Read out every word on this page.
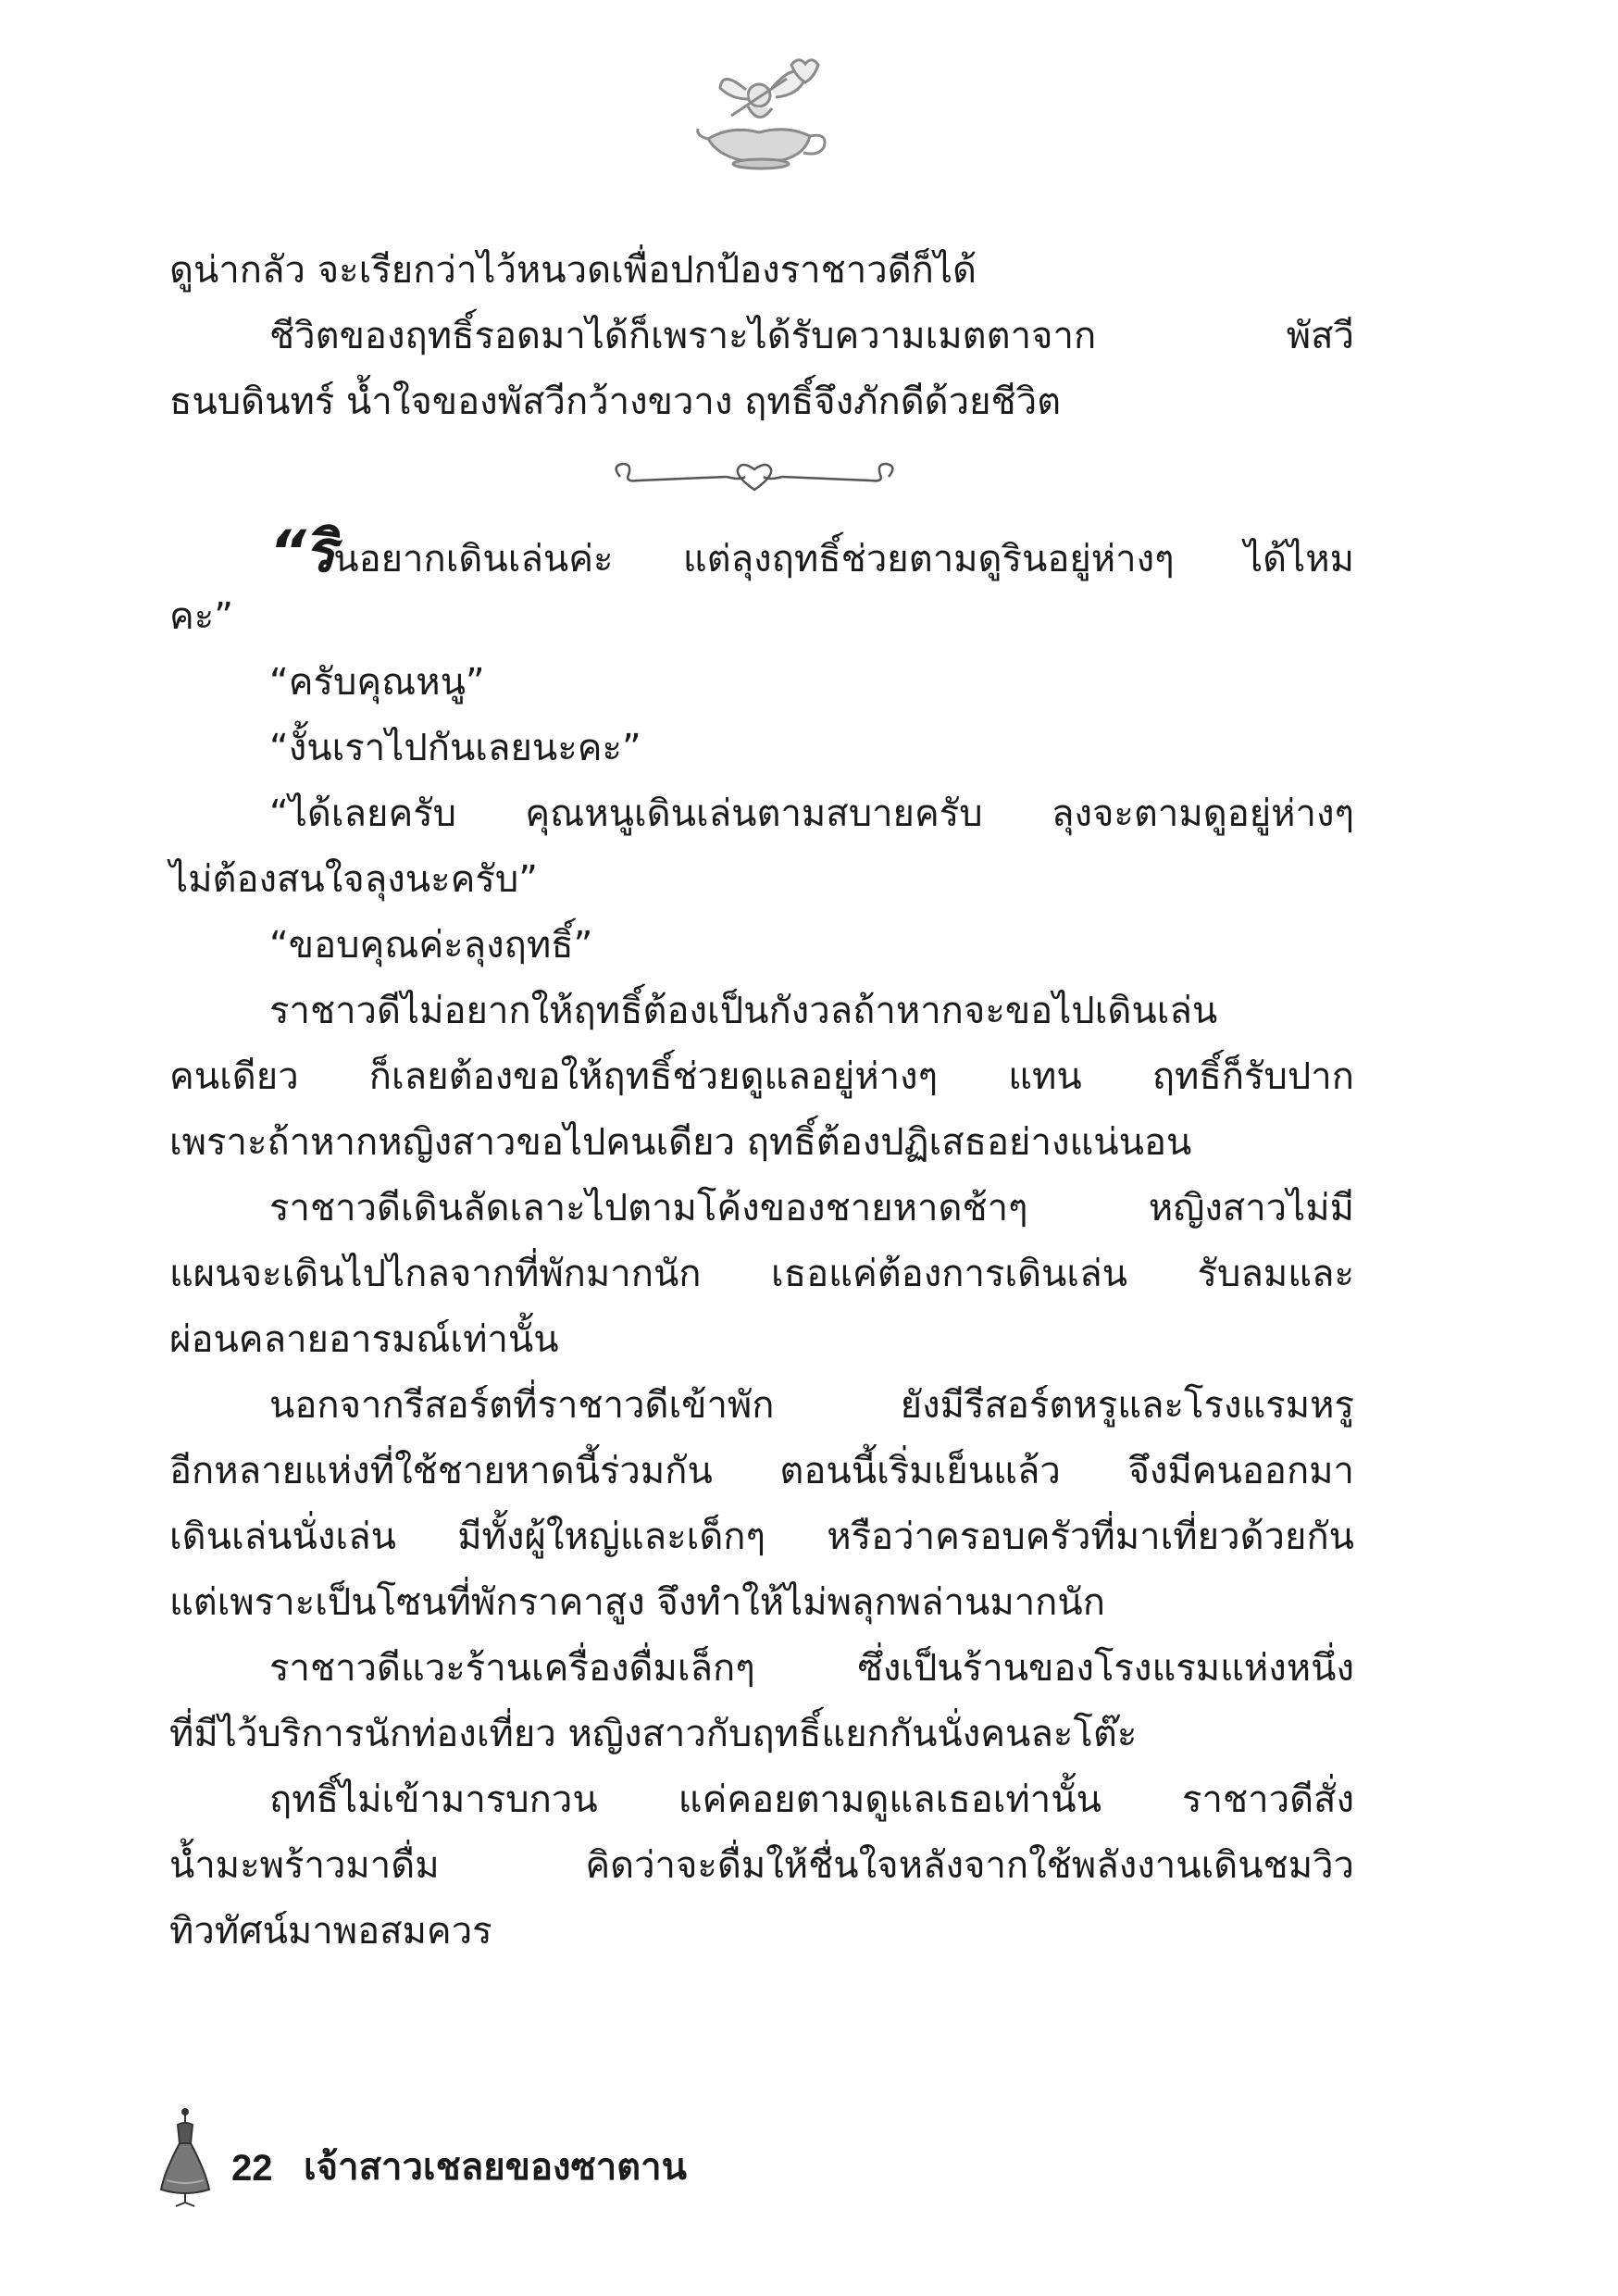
ดูน่ากลัว จะเรียกว่าไว้หนวดเพื่อปกป้องราชาวดีก็ได้
ชีวิตของฤทธิ์รอดมาได้ก็เพราะได้รับความเมตตาจาก พัสวี
ธนบดินทร์ น้ำใจของพัสวีกว้างขวาง ฤทธิ์จึงภักดีด้วยชีวิต
“รินอยากเดินเล่นค่ะ แต่ลุงฤทธิ์ช่วยตามดูรินอยู่ห่างๆ ได้ไหม
คะ”
“ครับคุณหนู”
“งั้นเราไปกันเลยนะคะ”
“ได้เลยครับ คุณหนูเดินเล่นตามสบายครับ ลุงจะตามดูอยู่ห่างๆ
ไม่ต้องสนใจลุงนะครับ”
“ขอบคุณค่ะลุงฤทธิ์”
ราชาวดีไม่อยากให้ฤทธิ์ต้องเป็นกังวลถ้าหากจะขอไปเดินเล่น
คนเดียว ก็เลยต้องขอให้ฤทธิ์ช่วยดูแลอยู่ห่างๆ แทน ฤทธิ์ก็รับปาก
เพราะถ้าหากหญิงสาวขอไปคนเดียว ฤทธิ์ต้องปฏิเสธอย่างแน่นอน
ราชาวดีเดินลัดเลาะไปตามโค้งของชายหาดช้าๆ หญิงสาวไม่มี
แผนจะเดินไปไกลจากที่พักมากนัก เธอแค่ต้องการเดินเล่น รับลมและ
ผ่อนคลายอารมณ์เท่านั้น
นอกจากรีสอร์ตที่ราชาวดีเข้าพัก ยังมีรีสอร์ตหรูและโรงแรมหรู
อีกหลายแห่งที่ใช้ชายหาดนี้ร่วมกัน ตอนนี้เริ่มเย็นแล้ว จึงมีคนออกมา
เดินเล่นนั่งเล่น มีทั้งผู้ใหญ่และเด็กๆ หรือว่าครอบครัวที่มาเที่ยวด้วยกัน
แต่เพราะเป็นโซนที่พักราคาสูง จึงทำให้ไม่พลุกพล่านมากนัก
ราชาวดีแวะร้านเครื่องดื่มเล็กๆ ซึ่งเป็นร้านของโรงแรมแห่งหนึ่ง
ที่มีไว้บริการนักท่องเที่ยว หญิงสาวกับฤทธิ์แยกกันนั่งคนละโต๊ะ
ฤทธิ์ไม่เข้ามารบกวน แค่คอยตามดูแลเธอเท่านั้น ราชาวดีสั่ง
น้ำมะพร้าวมาดื่ม คิดว่าจะดื่มให้ชื่นใจหลังจากใช้พลังงานเดินชมวิว
ทิวทัศน์มาพอสมควร
22 เจ้าสาวเชลยของซาตาน
